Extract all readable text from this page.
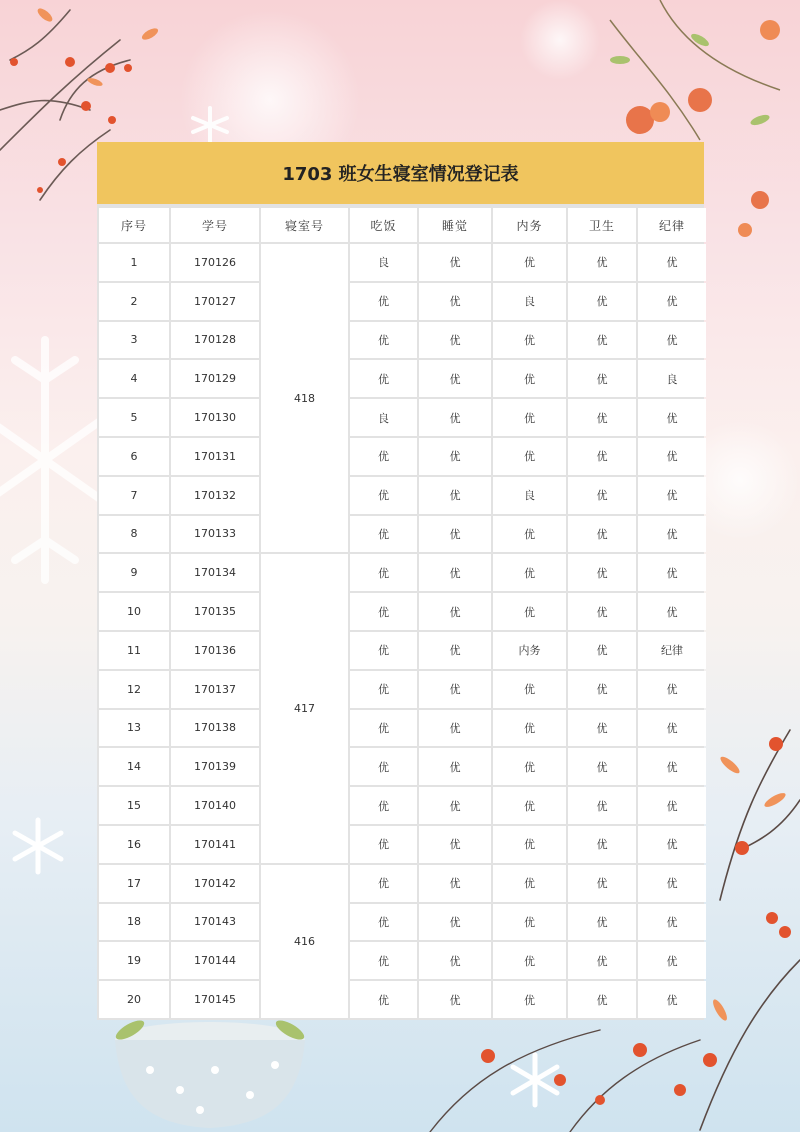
1703 班女生寝室情况登记表
序号	学号	寝室号	吃饭	睡觉	内务	卫生	纪律
1	170126	418	良	优	优	优	优
2	170127		优	优	良	优	优
3	170128		优	优	优	优	优
4	170129		优	优	优	优	良
5	170130		良	优	优	优	优
6	170131		优	优	优	优	优
7	170132		优	优	良	优	优
8	170133		优	优	优	优	优
9	170134	417	优	优	优	优	优
10	170135		优	优	优	优	优
11	170136		优	优	内务	优	纪律
12	170137		优	优	优	优	优
13	170138		优	优	优	优	优
14	170139		优	优	优	优	优
15	170140		优	优	优	优	优
16	170141		优	优	优	优	优
17	170142	416	优	优	优	优	优
18	170143		优	优	优	优	优
19	170144		优	优	优	优	优
20	170145		优	优	优	优	优
